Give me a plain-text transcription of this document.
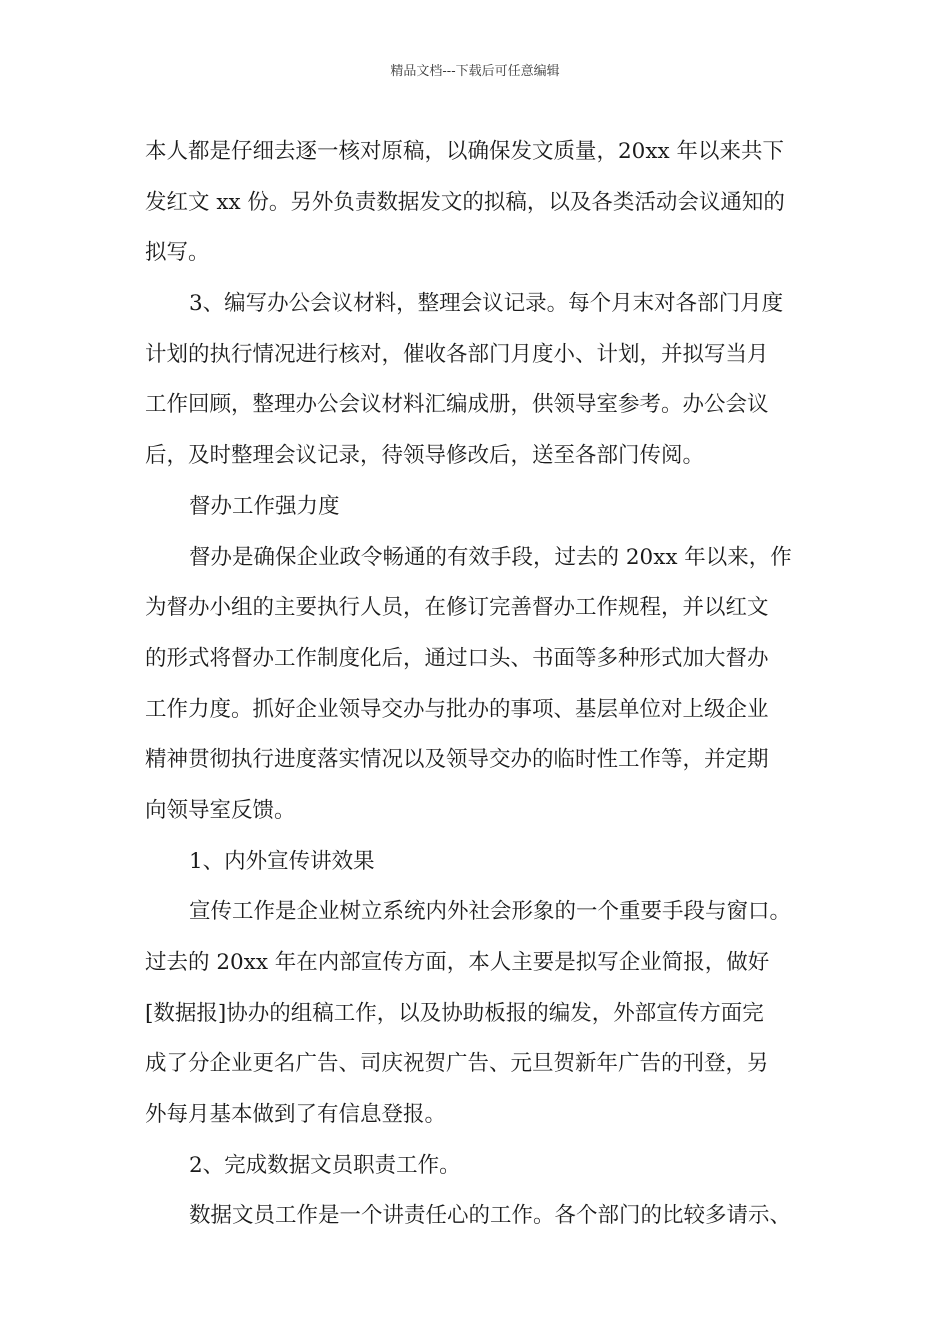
精品文档---下载后可任意编辑
本人都是仔细去逐一核对原稿，以确保发文质量，20xx 年以来共下
发红文 xx 份。另外负责数据发文的拟稿，以及各类活动会议通知的
拟写。
3、编写办公会议材料，整理会议记录。每个月末对各部门月度
计划的执行情况进行核对，催收各部门月度小、计划，并拟写当月
工作回顾，整理办公会议材料汇编成册，供领导室参考。办公会议
后，及时整理会议记录，待领导修改后，送至各部门传阅。
督办工作强力度
督办是确保企业政令畅通的有效手段，过去的 20xx 年以来，作
为督办小组的主要执行人员，在修订完善督办工作规程，并以红文
的形式将督办工作制度化后，通过口头、书面等多种形式加大督办
工作力度。抓好企业领导交办与批办的事项、基层单位对上级企业
精神贯彻执行进度落实情况以及领导交办的临时性工作等，并定期
向领导室反馈。
1、内外宣传讲效果
宣传工作是企业树立系统内外社会形象的一个重要手段与窗口。
过去的 20xx 年在内部宣传方面，本人主要是拟写企业简报，做好
[数据报]协办的组稿工作，以及协助板报的编发，外部宣传方面完
成了分企业更名广告、司庆祝贺广告、元旦贺新年广告的刊登，另
外每月基本做到了有信息登报。
2、完成数据文员职责工作。
数据文员工作是一个讲责任心的工作。各个部门的比较多请示、
